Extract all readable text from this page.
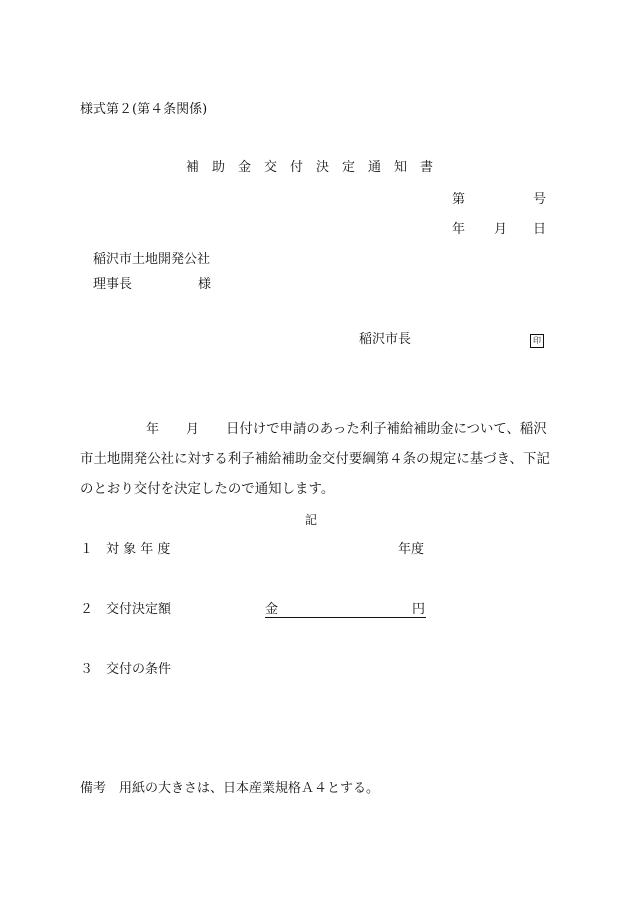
様式第２(第４条関係)
補 助 金 交 付 決 定 通 知 書
第	号
年 月 日
稲沢市土地開発公社
理事長	様
稲沢市長	印
年 月 日付けで申請のあった利子補給補助金について、稲沢
市土地開発公社に対する利子補給補助金交付要綱第４条の規定に基づき、下記
のとおり交付を決定したので通知します。
記
１ 対 象 年 度	年度
２ 交付決定額	金	円
３ 交付の条件
備考　用紙の大きさは、日本産業規格Ａ４とする。
